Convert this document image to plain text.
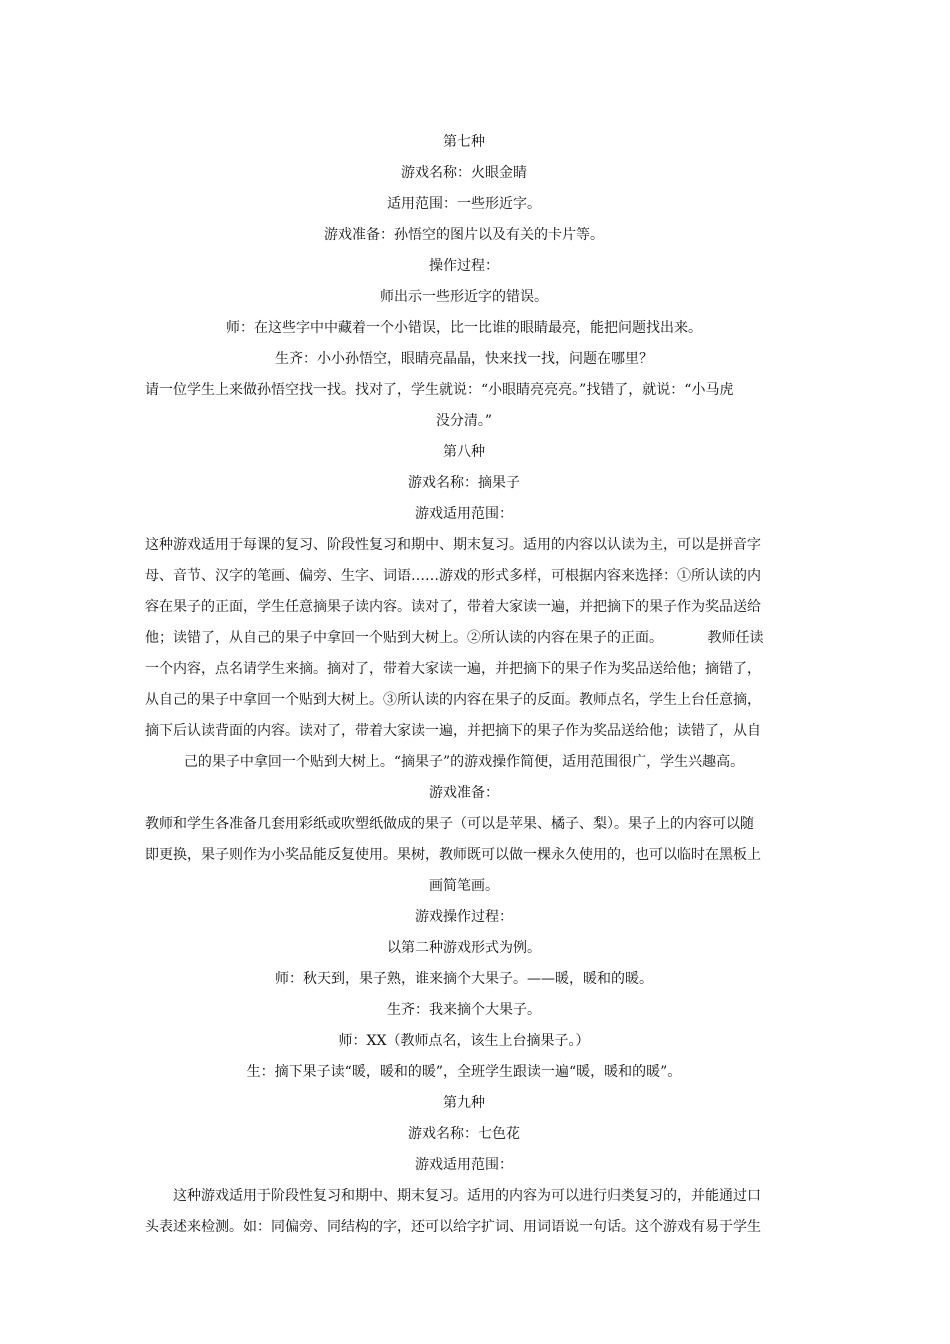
第七种
游戏名称：火眼金睛
适用范围：一些形近字。
游戏准备：孙悟空的图片以及有关的卡片等。
操作过程：
师出示一些形近字的错误。
师：在这些字中中藏着一个小错误，比一比谁的眼睛最亮，能把问题找出来。
生齐：小小孙悟空，眼睛亮晶晶，快来找一找，问题在哪里？
请一位学生上来做孙悟空找一找。找对了，学生就说：“小眼睛亮亮亮。”找错了，就说：“小马虎
没分清。”
第八种
游戏名称：摘果子
游戏适用范围：
这种游戏适用于每课的复习、阶段性复习和期中、期末复习。适用的内容以认读为主，可以是拼音字
母、音节、汉字的笔画、偏旁、生字、词语……游戏的形式多样，可根据内容来选择：①所认读的内
容在果子的正面，学生任意摘果子读内容。读对了，带着大家读一遍，并把摘下的果子作为奖品送给
他；读错了，从自己的果子中拿回一个贴到大树上。②所认读的内容在果子的正面。          教师任读
一个内容，点名请学生来摘。摘对了，带着大家读一遍，并把摘下的果子作为奖品送给他；摘错了，
从自己的果子中拿回一个贴到大树上。③所认读的内容在果子的反面。教师点名，学生上台任意摘，
摘下后认读背面的内容。读对了，带着大家读一遍，并把摘下的果子作为奖品送给他；读错了，从自
己的果子中拿回一个贴到大树上。“摘果子”的游戏操作简便，适用范围很广，学生兴趣高。
游戏准备：
教师和学生各准备几套用彩纸或吹塑纸做成的果子（可以是苹果、橘子、梨）。果子上的内容可以随
即更换，果子则作为小奖品能反复使用。果树，教师既可以做一棵永久使用的，也可以临时在黑板上
画简笔画。
游戏操作过程：
以第二种游戏形式为例。
师：秋天到，果子熟，谁来摘个大果子。——暖，暖和的暖。
生齐：我来摘个大果子。
师：XX（教师点名，该生上台摘果子。）
生：摘下果子读“暖，暖和的暖”，全班学生跟读一遍“暖，暖和的暖”。
第九种
游戏名称：七色花
游戏适用范围：
这种游戏适用于阶段性复习和期中、期末复习。适用的内容为可以进行归类复习的，并能通过口
头表述来检测。如：同偏旁、同结构的字，还可以给字扩词、用词语说一句话。这个游戏有易于学生
